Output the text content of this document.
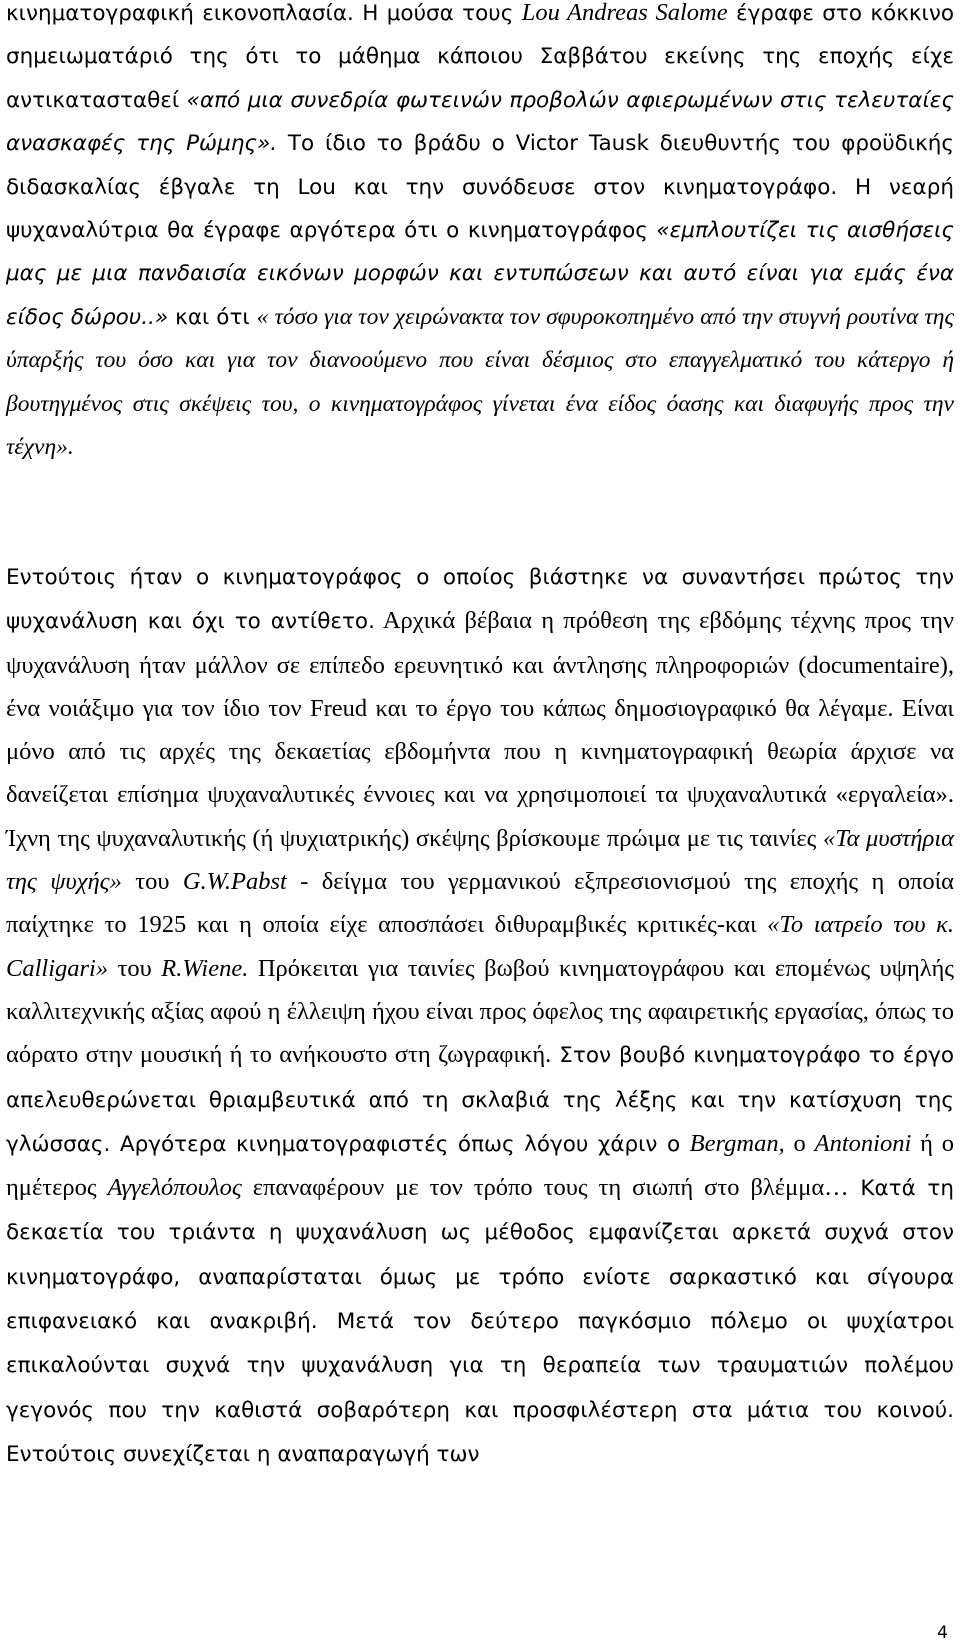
κινηματογραφική εικονοπλασία. Η μούσα τους Lou Andreas Salome έγραφε στο κόκκινο σημειωματάριό της ότι το μάθημα κάποιου Σαββάτου εκείνης της εποχής είχε αντικατασταθεί «από μια συνεδρία φωτεινών προβολών αφιερωμένων στις τελευταίες ανασκαφές της Ρώμης». Το ίδιο το βράδυ ο Victor Tausk διευθυντής του φροϋδικής διδασκαλίας έβγαλε τη Lou και την συνόδευσε στον κινηματογράφο. Η νεαρή ψυχαναλύτρια θα έγραφε αργότερα ότι ο κινηματογράφος «εμπλουτίζει τις αισθήσεις μας με μια πανδαισία εικόνων μορφών και εντυπώσεων και αυτό είναι για εμάς ένα είδος δώρου..» και ότι « τόσο για τον χειρώνακτα τον σφυροκοπημένο από την στυγνή ρουτίνα της ύπαρξής του όσο και για τον διανοούμενο που είναι δέσμιος στο επαγγελματικό του κάτεργο ή βουτηγμένος στις σκέψεις του, ο κινηματογράφος γίνεται ένα είδος όασης και διαφυγής προς την τέχνη».

Εντούτοις ήταν ο κινηματογράφος ο οποίος βιάστηκε να συναντήσει πρώτος την ψυχανάλυση και όχι το αντίθετο. Αρχικά βέβαια η πρόθεση της εβδόμης τέχνης προς την ψυχανάλυση ήταν μάλλον σε επίπεδο ερευνητικό και άντλησης πληροφοριών (documentaire), ένα νοιάξιμο για τον ίδιο τον Freud και το έργο του κάπως δημοσιογραφικό θα λέγαμε. Είναι μόνο από τις αρχές της δεκαετίας εβδομήντα που η κινηματογραφική θεωρία άρχισε να δανείζεται επίσημα ψυχαναλυτικές έννοιες και να χρησιμοποιεί τα ψυχαναλυτικά «εργαλεία». Ίχνη της ψυχαναλυτικής (ή ψυχιατρικής) σκέψης βρίσκουμε πρώιμα με τις ταινίες «Τα μυστήρια της ψυχής» του G.W.Pabst - δείγμα του γερμανικού εξπρεσιονισμού της εποχής η οποία παίχτηκε το 1925 και η οποία είχε αποσπάσει διθυραμβικές κριτικές-και «Το ιατρείο του κ. Calligari» του R.Wiene. Πρόκειται για ταινίες βωβού κινηματογράφου και επομένως υψηλής καλλιτεχνικής αξίας αφού η έλλειψη ήχου είναι προς όφελος της αφαιρετικής εργασίας, όπως το αόρατο στην μουσική ή το ανήκουστο στη ζωγραφική. Στον βουβό κινηματογράφο το έργο απελευθερώνεται θριαμβευτικά από τη σκλαβιά της λέξης και την κατίσχυση της γλώσσας. Αργότερα κινηματογραφιστές όπως λόγου χάριν ο Bergman, ο Antonioni ή ο ημέτερος Αγγελόπουλος επαναφέρουν με τον τρόπο τους τη σιωπή στο βλέμμα… Κατά τη δεκαετία του τριάντα η ψυχανάλυση ως μέθοδος εμφανίζεται αρκετά συχνά στον κινηματογράφο, αναπαρίσταται όμως με τρόπο ενίοτε σαρκαστικό και σίγουρα επιφανειακό και ανακριβή. Μετά τον δεύτερο παγκόσμιο πόλεμο οι ψυχίατροι επικαλούνται συχνά την ψυχανάλυση για τη θεραπεία των τραυματιών πολέμου γεγονός που την καθιστά σοβαρότερη και προσφιλέστερη στα μάτια του κοινού. Εντούτοις συνεχίζεται η αναπαραγωγή των

4
